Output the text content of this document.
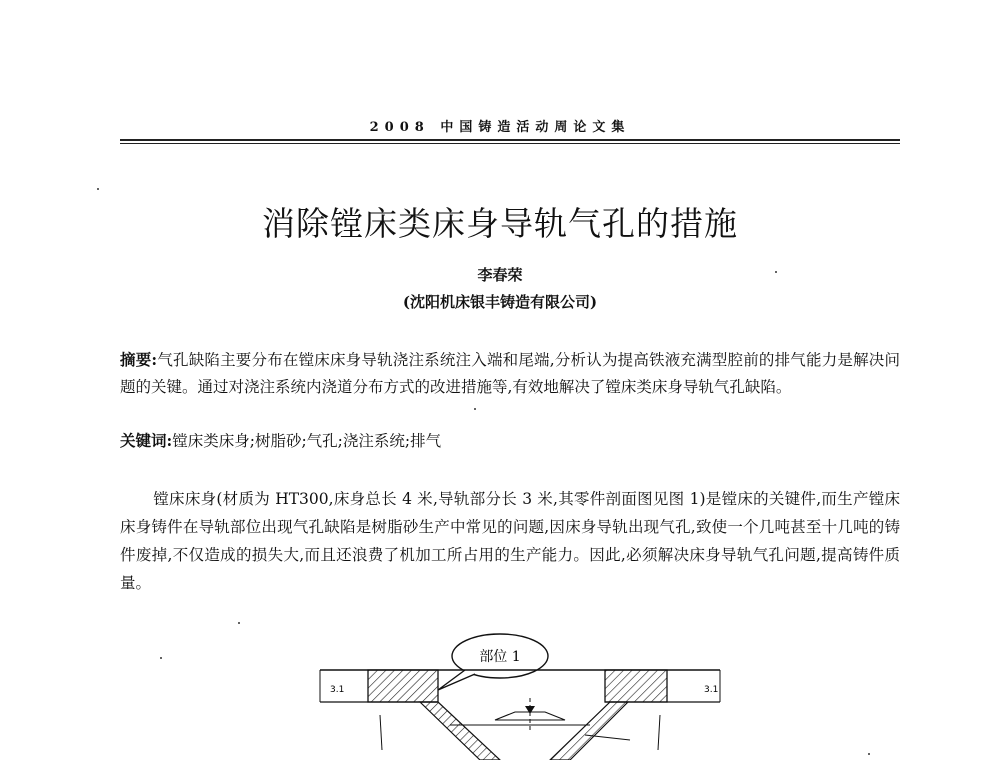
2008 中国铸造活动周论文集
消除镗床类床身导轨气孔的措施
李春荣
(沈阳机床银丰铸造有限公司)
摘要:气孔缺陷主要分布在镗床床身导轨浇注系统注入端和尾端,分析认为提高铁液充满型腔前的排气能力是解决问题的关键。通过对浇注系统内浇道分布方式的改进措施等,有效地解决了镗床类床身导轨气孔缺陷。
关键词:镗床类床身;树脂砂;气孔;浇注系统;排气
镗床床身(材质为 HT300,床身总长 4 米,导轨部分长 3 米,其零件剖面图见图 1)是镗床的关键件,而生产镗床床身铸件在导轨部位出现气孔缺陷是树脂砂生产中常见的问题,因床身导轨出现气孔,致使一个几吨甚至十几吨的铸件废掉,不仅造成的损失大,而且还浪费了机加工所占用的生产能力。因此,必须解决床身导轨气孔问题,提高铸件质量。
部位 1
3.1	3.1
